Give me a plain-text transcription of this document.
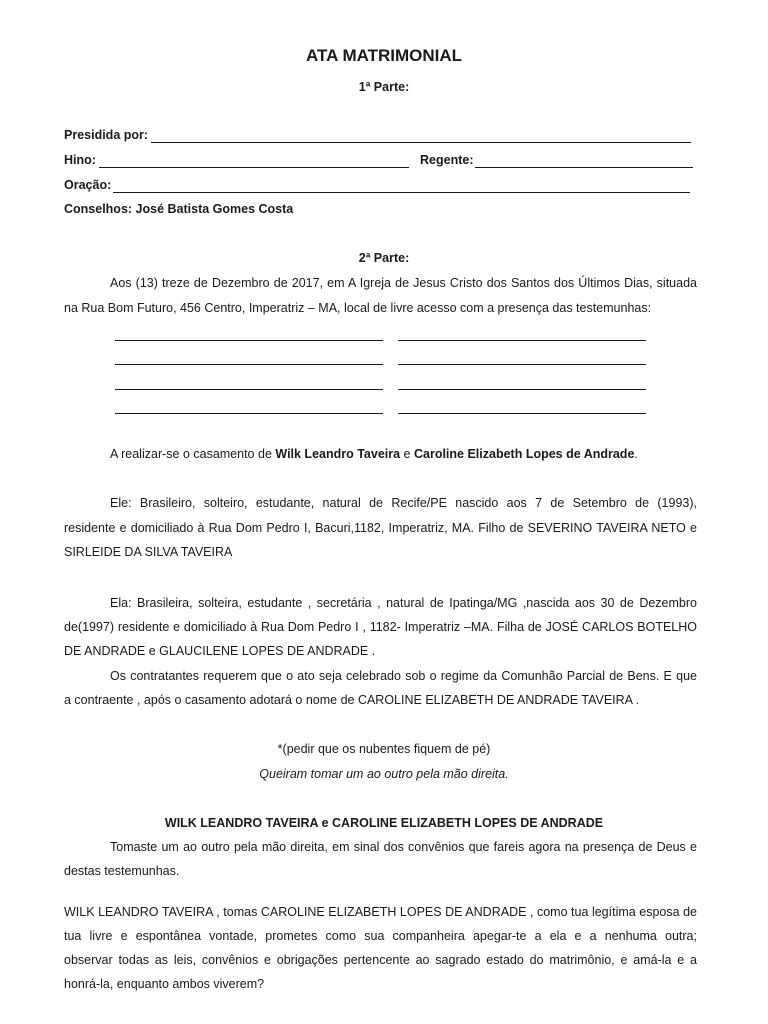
ATA MATRIMONIAL
1ª Parte:
Presidida por:
Hino:	Regente:
Oração:
Conselhos: José Batista Gomes Costa
2ª Parte:
Aos (13) treze de Dezembro de 2017, em A Igreja de Jesus Cristo dos Santos dos Últimos Dias, situada
na Rua Bom Futuro, 456 Centro, Imperatriz – MA, local de livre acesso com a presença das testemunhas:
A realizar-se o casamento de Wilk Leandro Taveira e Caroline Elizabeth Lopes de Andrade.
Ele: Brasileiro, solteiro, estudante, natural de Recife/PE nascido aos 7 de Setembro de (1993),
residente e domiciliado à Rua Dom Pedro I, Bacuri,1182, Imperatriz, MA. Filho de SEVERINO TAVEIRA NETO e
SIRLEIDE DA SILVA TAVEIRA
Ela: Brasileira, solteira, estudante , secretária , natural de Ipatinga/MG ,nascida aos 30 de Dezembro
de(1997) residente e domiciliado à Rua Dom Pedro I , 1182- Imperatriz –MA. Filha de JOSÉ CARLOS BOTELHO
DE ANDRADE e GLAUCILENE LOPES DE ANDRADE .
Os contratantes requerem que o ato seja celebrado sob o regime da Comunhão Parcial de Bens. E que
a contraente , após o casamento adotará o nome de CAROLINE ELIZABETH DE ANDRADE TAVEIRA .
*(pedir que os nubentes fiquem de pé)
Queiram tomar um ao outro pela mão direita.
WILK LEANDRO TAVEIRA e CAROLINE ELIZABETH LOPES DE ANDRADE
Tomaste um ao outro pela mão direita, em sinal dos convênios que fareis agora na presença de Deus e
destas testemunhas.
WILK LEANDRO TAVEIRA , tomas CAROLINE ELIZABETH LOPES DE ANDRADE , como tua legítima esposa de
tua livre e espontânea vontade, prometes como sua companheira apegar-te a ela e a nenhuma outra;
observar todas as leis, convênios e obrigações pertencente ao sagrado estado do matrimônio, e amá-la e a
honrá-la, enquanto ambos viverem?
